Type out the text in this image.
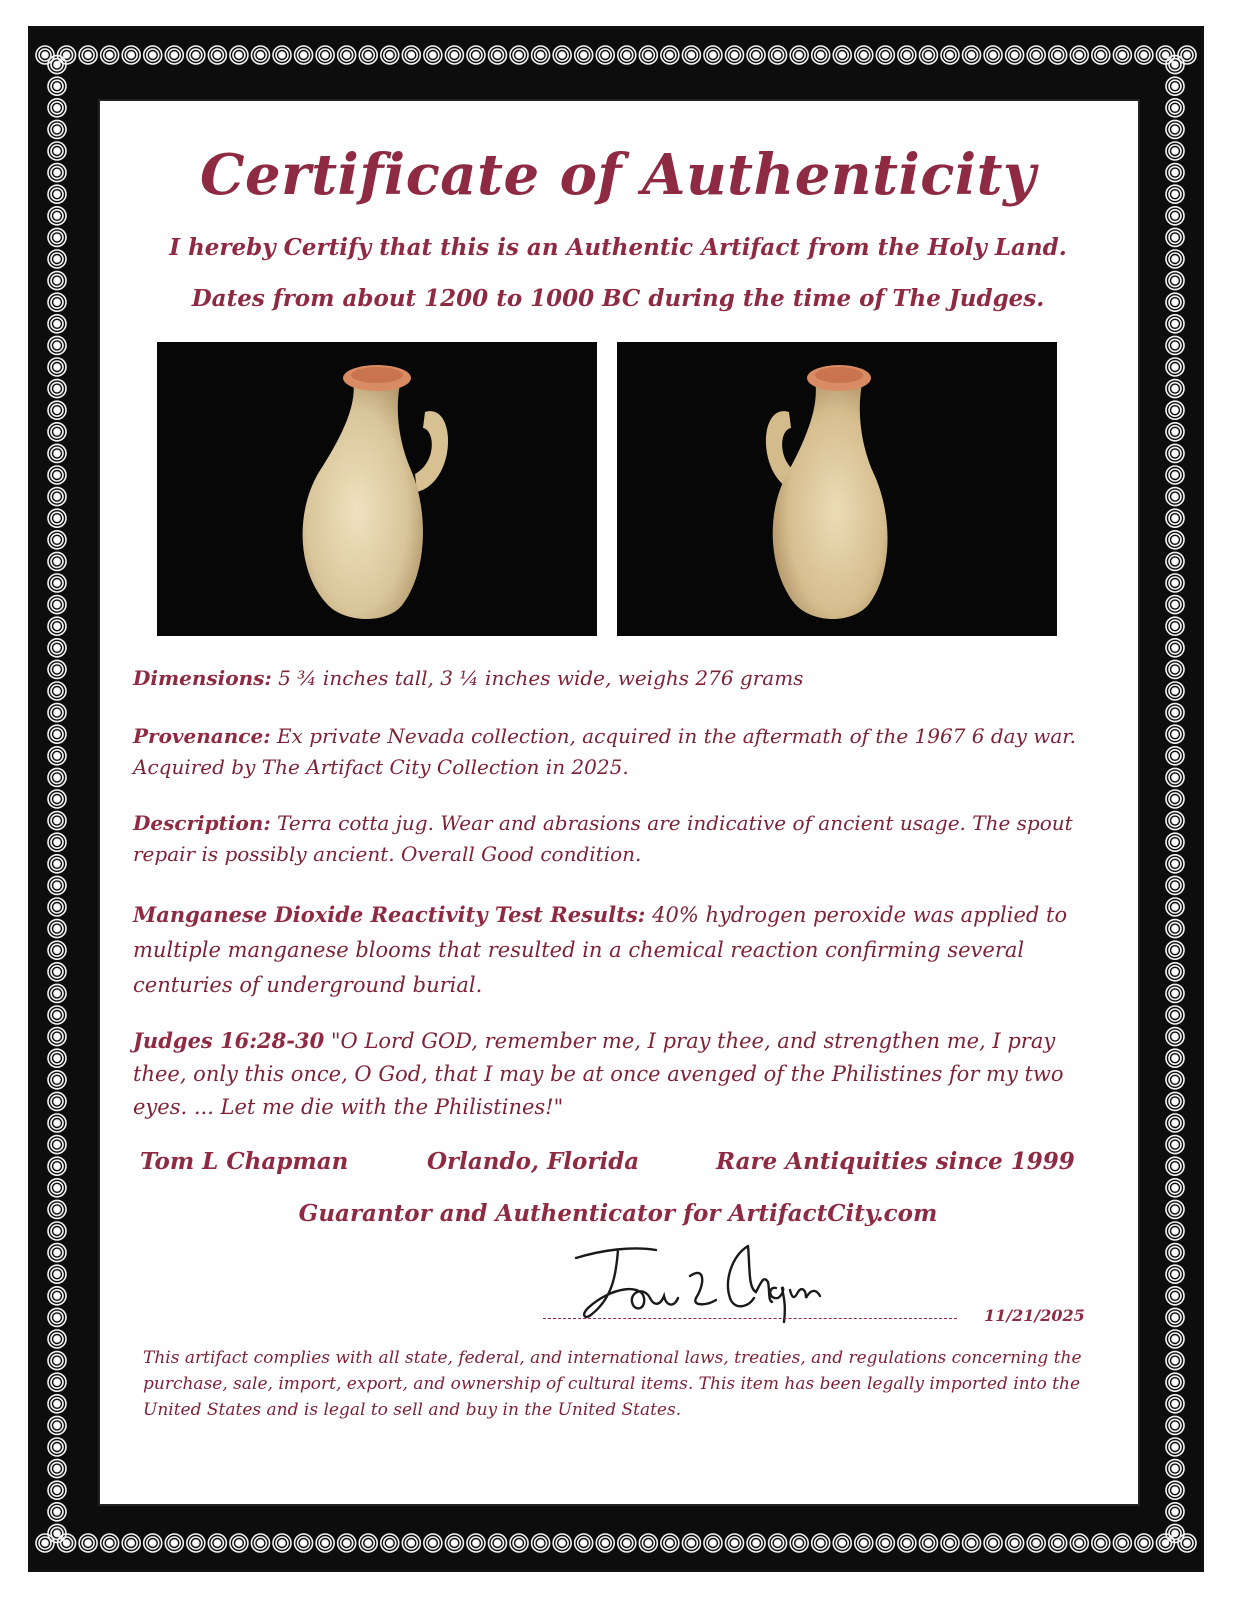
Certificate of Authenticity
I hereby Certify that this is an Authentic Artifact from the Holy Land.
Dates from about 1200 to 1000 BC during the time of The Judges.
Dimensions: 5 ¾ inches tall, 3 ¼ inches wide, weighs 276 grams
Provenance: Ex private Nevada collection, acquired in the aftermath of the 1967 6 day war. Acquired by The Artifact City Collection in 2025.
Description: Terra cotta jug. Wear and abrasions are indicative of ancient usage. The spout repair is possibly ancient. Overall Good condition.
Manganese Dioxide Reactivity Test Results: 40% hydrogen peroxide was applied to multiple manganese blooms that resulted in a chemical reaction confirming several centuries of underground burial.
Judges 16:28-30 "O Lord GOD, remember me, I pray thee, and strengthen me, I pray thee, only this once, O God, that I may be at once avenged of the Philistines for my two eyes. ... Let me die with the Philistines!"
Tom L Chapman	Orlando, Florida	Rare Antiquities since 1999
Guarantor and Authenticator for ArtifactCity.com
11/21/2025
This artifact complies with all state, federal, and international laws, treaties, and regulations concerning the purchase, sale, import, export, and ownership of cultural items. This item has been legally imported into the United States and is legal to sell and buy in the United States.
